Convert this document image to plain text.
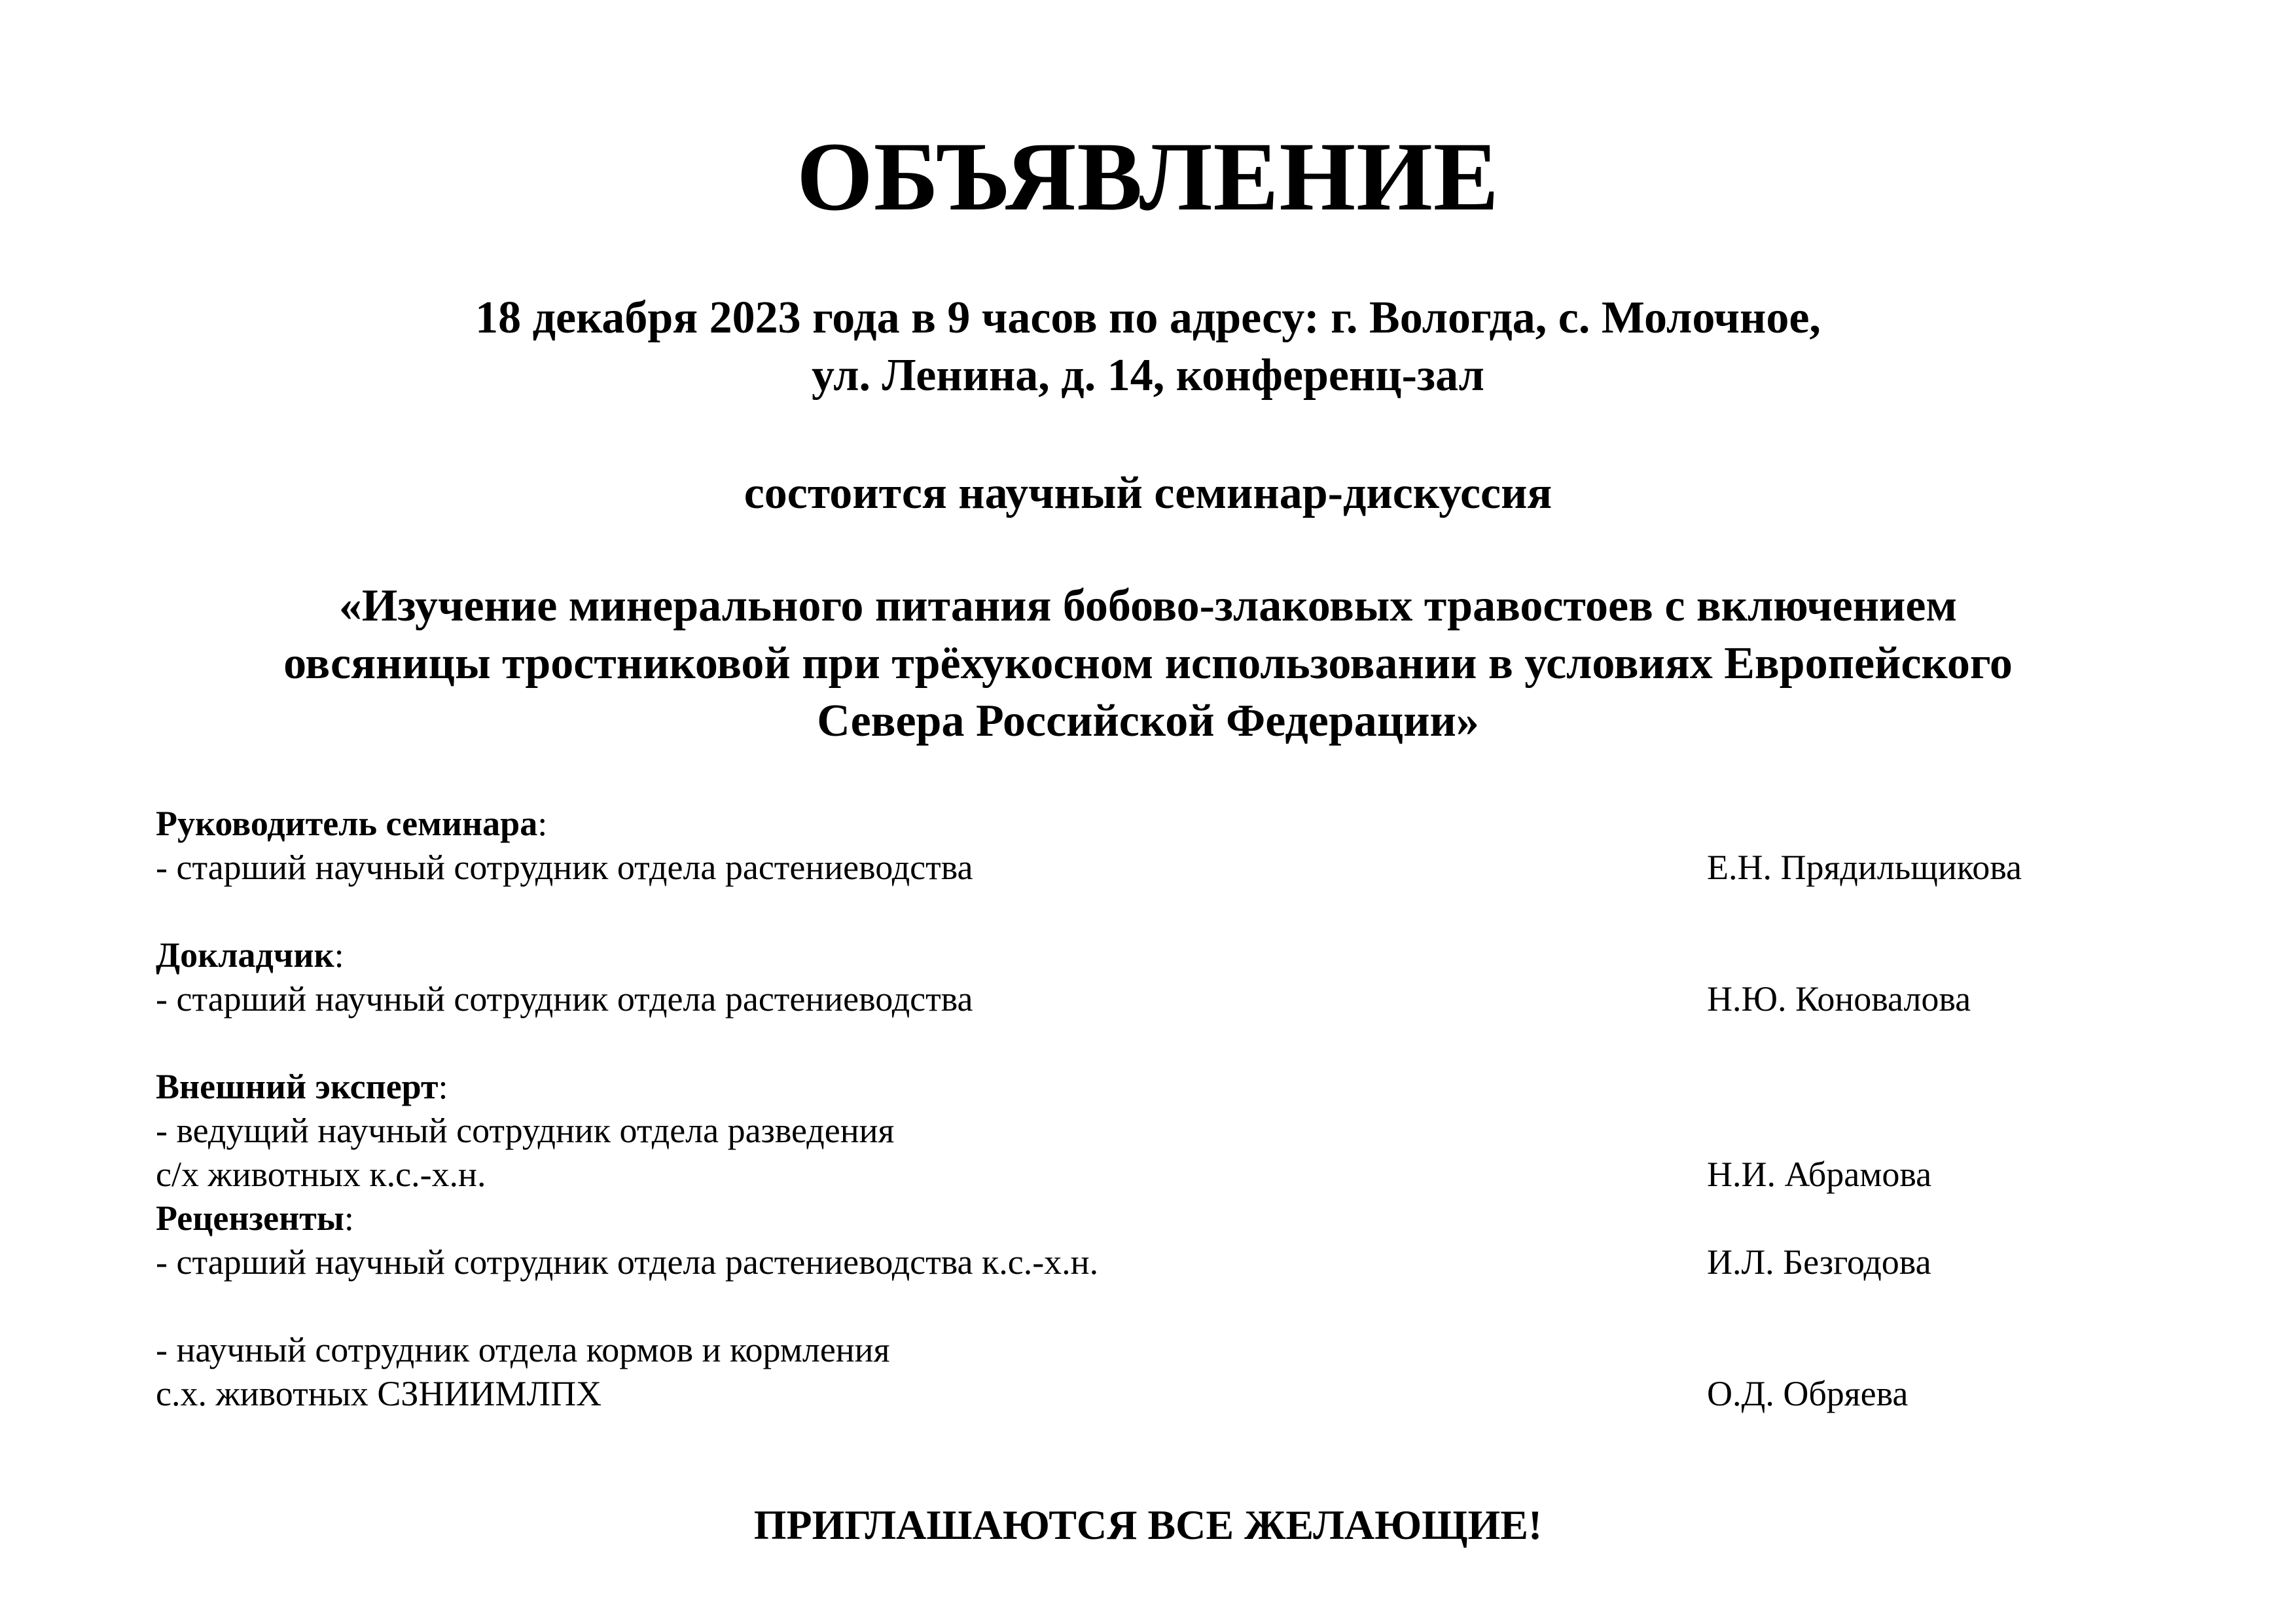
ОБЪЯВЛЕНИЕ
18 декабря 2023 года в 9 часов по адресу: г. Вологда, с. Молочное,
ул. Ленина, д. 14, конференц-зал
состоится научный семинар-дискуссия
«Изучение минерального питания бобово-злаковых травостоев с включением
овсяницы тростниковой при трёхукосном использовании в условиях Европейского
Севера Российской Федерации»
Руководитель семинара:
- старший научный сотрудник отдела растениеводства	Е.Н. Прядильщикова
Докладчик:
- старший научный сотрудник отдела растениеводства	Н.Ю. Коновалова
Внешний эксперт:
- ведущий научный сотрудник отдела разведения
с/х животных к.с.-х.н.	Н.И. Абрамова
Рецензенты:
- старший научный сотрудник отдела растениеводства к.с.-х.н.	И.Л. Безгодова
- научный сотрудник отдела кормов и кормления
с.х. животных СЗНИИМЛПХ	О.Д. Обряева
ПРИГЛАШАЮТСЯ ВСЕ ЖЕЛАЮЩИЕ!
